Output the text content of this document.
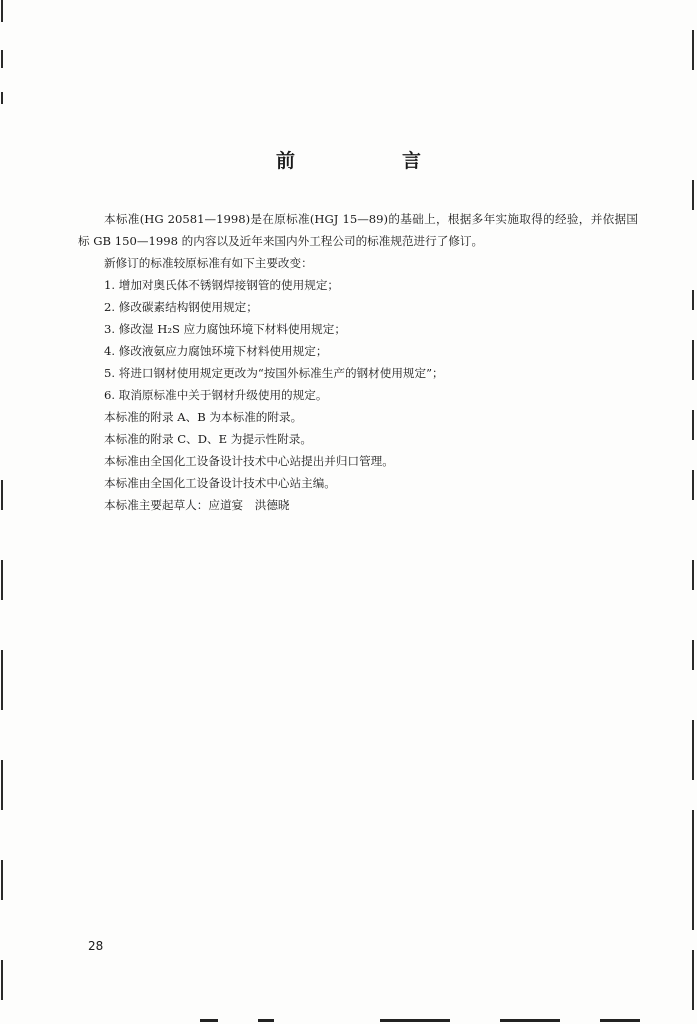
前　言

本标准(HG 20581—1998)是在原标准(HGJ 15—89)的基础上，根据多年实施取得的经验，并依据国标 GB 150—1998 的内容以及近年来国内外工程公司的标准规范进行了修订。

新修订的标准较原标准有如下主要改变：

1. 增加对奥氏体不锈钢焊接钢管的使用规定；

2. 修改碳素结构钢使用规定；

3. 修改湿 H₂S 应力腐蚀环境下材料使用规定；

4. 修改液氨应力腐蚀环境下材料使用规定；

5. 将进口钢材使用规定更改为“按国外标准生产的钢材使用规定”；

6. 取消原标准中关于钢材升级使用的规定。

本标准的附录 A、B 为本标准的附录。

本标准的附录 C、D、E 为提示性附录。

本标准由全国化工设备设计技术中心站提出并归口管理。

本标准由全国化工设备设计技术中心站主编。

本标准主要起草人：应道宴　洪德晓

28
